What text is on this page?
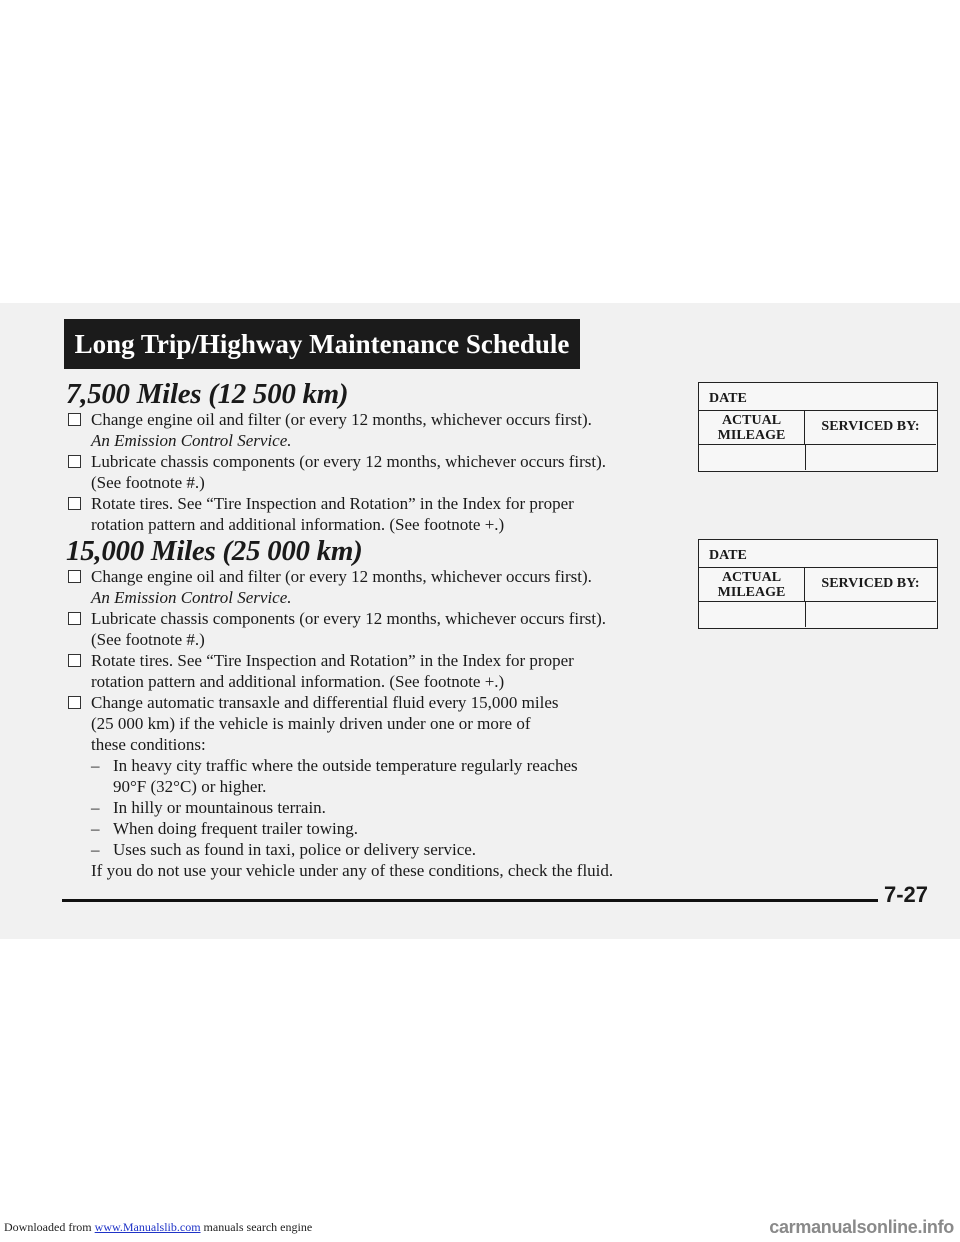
Long Trip/Highway Maintenance Schedule
7,500 Miles (12 500 km)
Change engine oil and filter (or every 12 months, whichever occurs first).
An Emission Control Service.
Lubricate chassis components (or every 12 months, whichever occurs first).
(See footnote #.)
Rotate tires. See “Tire Inspection and Rotation” in the Index for proper
rotation pattern and additional information. (See footnote +.)
15,000 Miles (25 000 km)
Change engine oil and filter (or every 12 months, whichever occurs first).
An Emission Control Service.
Lubricate chassis components (or every 12 months, whichever occurs first).
(See footnote #.)
Rotate tires. See “Tire Inspection and Rotation” in the Index for proper
rotation pattern and additional information. (See footnote +.)
Change automatic transaxle and differential fluid every 15,000 miles
(25 000 km) if the vehicle is mainly driven under one or more of
these conditions:
– In heavy city traffic where the outside temperature regularly reaches
90°F (32°C) or higher.
– In hilly or mountainous terrain.
– When doing frequent trailer towing.
– Uses such as found in taxi, police or delivery service.
If you do not use your vehicle under any of these conditions, check the fluid.
DATE
ACTUAL
MILEAGE
SERVICED BY:
DATE
ACTUAL
MILEAGE
SERVICED BY:
7-27
Downloaded from www.Manualslib.com manuals search engine	carmanualsonline.info
